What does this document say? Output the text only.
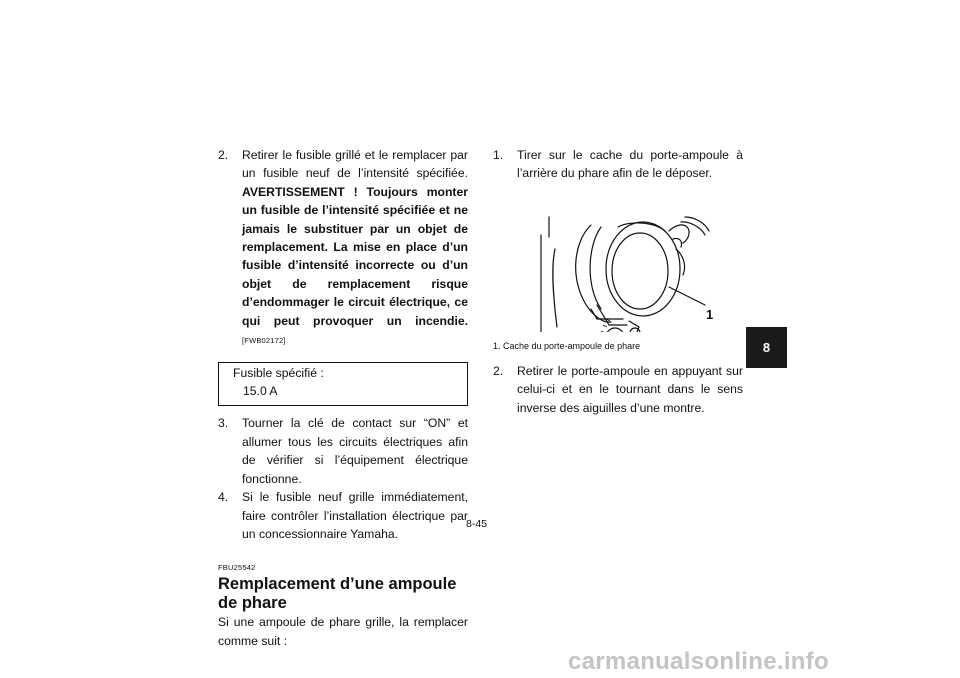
2.	Retirer le fusible grillé et le remplacer par un fusible neuf de l’intensité spécifiée. AVERTISSEMENT ! Toujours monter un fusible de l’intensité spécifiée et ne jamais le substituer par un objet de remplacement. La mise en place d’un fusible d’intensité incorrecte ou d’un objet de remplacement risque d’endommager le circuit électrique, ce qui peut provoquer un incendie. [FWB02172]
Fusible spécifié :
15.0 A
3.	Tourner la clé de contact sur “ON” et allumer tous les circuits électriques afin de vérifier si l’équipement électrique fonctionne.
4.	Si le fusible neuf grille immédiatement, faire contrôler l’installation électrique par un concessionnaire Yamaha.
FBU25542
Remplacement d’une ampoule de phare
Si une ampoule de phare grille, la remplacer comme suit :
1.	Tirer sur le cache du porte-ampoule à l’arrière du phare afin de le déposer.
1
1. Cache du porte-ampoule de phare
2.	Retirer le porte-ampoule en appuyant sur celui-ci et en le tournant dans le sens inverse des aiguilles d’une montre.
8-45
8
carmanualsonline.info
